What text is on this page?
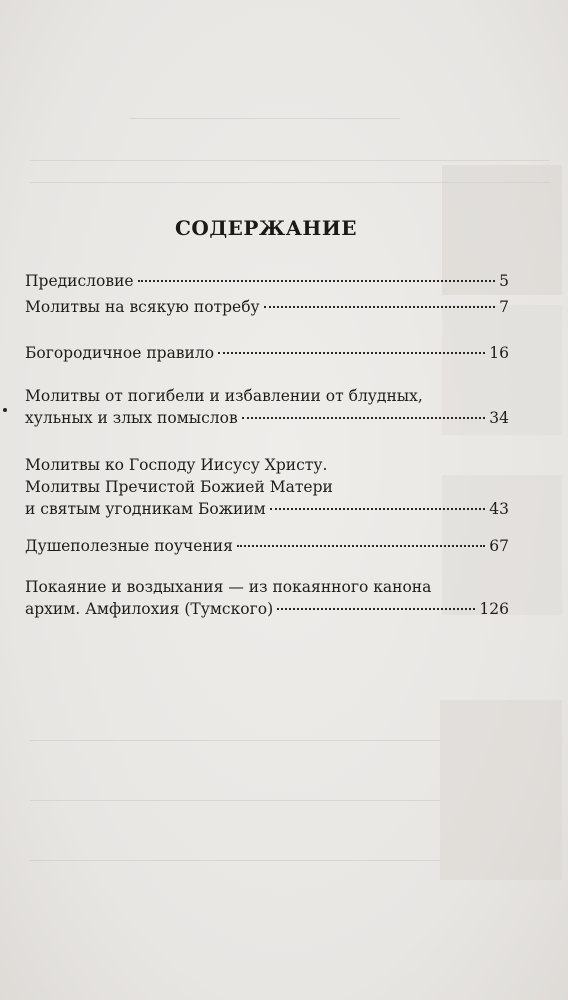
СОДЕРЖАНИЕ
Предисловие	5
Молитвы на всякую потребу	7
Богородичное правило	16
Молитвы от погибели и избавлении от блудных,
хульных и злых помыслов	34
Молитвы ко Господу Иисусу Христу.
Молитвы Пречистой Божией Матери
и святым угодникам Божиим	43
Душеполезные поучения	67
Покаяние и воздыхания — из покаянного канона
архим. Амфилохия (Тумского)	126
